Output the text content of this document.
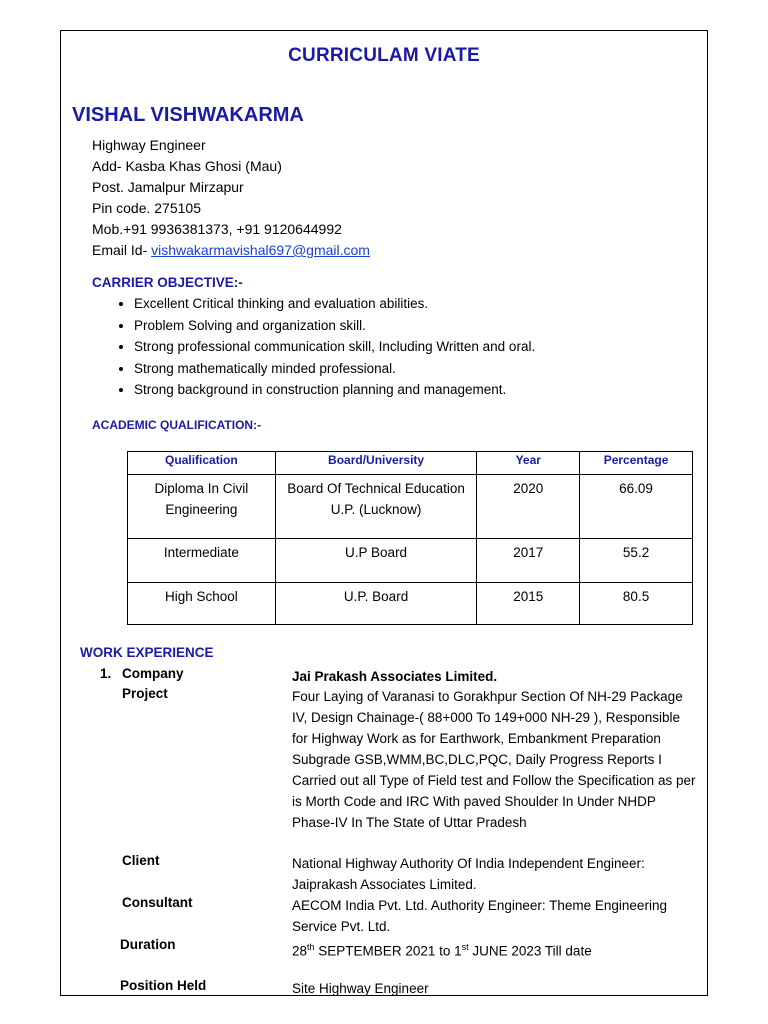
CURRICULAM VIATE
VISHAL VISHWAKARMA
Highway Engineer
Add- Kasba Khas Ghosi (Mau)
Post. Jamalpur Mirzapur
Pin code. 275105
Mob.+91 9936381373, +91 9120644992
Email Id- vishwakarmavishal697@gmail.com
CARRIER OBJECTIVE:-
• Excellent Critical thinking and evaluation abilities.
• Problem Solving and organization skill.
• Strong professional communication skill, Including Written and oral.
• Strong mathematically minded professional.
• Strong background in construction planning and management.
ACADEMIC QUALIFICATION:-
Qualification	Board/University	Year	Percentage
Diploma In Civil Engineering	Board Of Technical Education U.P. (Lucknow)	2020	66.09
Intermediate	U.P Board	2017	55.2
High School	U.P. Board	2015	80.5
WORK EXPERIENCE
1. Company	Jai Prakash Associates Limited.
Project	Four Laying of Varanasi to Gorakhpur Section Of NH-29 Package IV, Design Chainage-( 88+000 To 149+000 NH-29 ), Responsible for Highway Work as for Earthwork, Embankment Preparation Subgrade GSB,WMM,BC,DLC,PQC, Daily Progress Reports I Carried out all Type of Field test and Follow the Specification as per is Morth Code and IRC With paved Shoulder In Under NHDP Phase-IV In The State of Uttar Pradesh
Client	National Highway Authority Of India Independent Engineer: Jaiprakash Associates Limited.
Consultant	AECOM India Pvt. Ltd. Authority Engineer: Theme Engineering Service Pvt. Ltd.
Duration	28th SEPTEMBER 2021 to 1st JUNE 2023 Till date
Position Held	Site Highway Engineer
